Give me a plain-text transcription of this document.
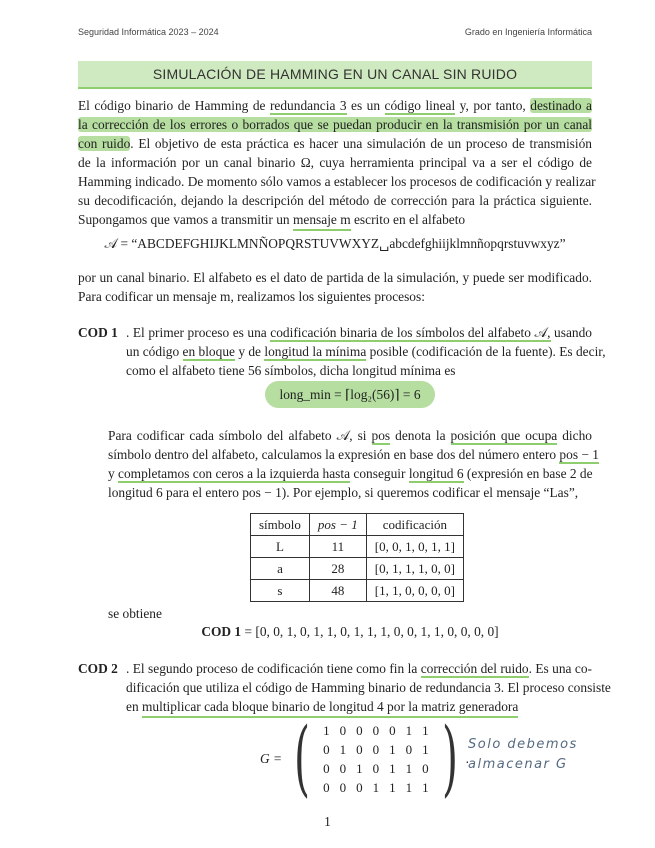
Seguridad Informática 2023 – 2024	Grado en Ingeniería Informática
SIMULACIÓN DE HAMMING EN UN CANAL SIN RUIDO
El código binario de Hamming de redundancia 3 es un código lineal y, por tanto, destinado a
la corrección de los errores o borrados que se puedan producir en la transmisión por un canal
con ruido. El objetivo de esta práctica es hacer una simulación de un proceso de transmisión
de la información por un canal binario Ω, cuya herramienta principal va a ser el código de
Hamming indicado. De momento sólo vamos a establecer los procesos de codificación y realizar
su decodificación, dejando la descripción del método de corrección para la práctica siguiente.
Supongamos que vamos a transmitir un mensaje m escrito en el alfabeto
𝒜 = “ABCDEFGHIJKLMNÑOPQRSTUVWXYZ␣abcdefghiĳklmnñopqrstuvwxyz”
por un canal binario. El alfabeto es el dato de partida de la simulación, y puede ser modificado.
Para codificar un mensaje m, realizamos los siguientes procesos:
COD 1 . El primer proceso es una codificación binaria de los símbolos del alfabeto 𝒜, usando
un código en bloque y de longitud la mínima posible (codificación de la fuente). Es decir,
como el alfabeto tiene 56 símbolos, dicha longitud mínima es
long_min = ⌈log₂(56)⌉ = 6
Para codificar cada símbolo del alfabeto 𝒜, si pos denota la posición que ocupa dicho
símbolo dentro del alfabeto, calculamos la expresión en base dos del número entero pos − 1
y completamos con ceros a la izquierda hasta conseguir longitud 6 (expresión en base 2 de
longitud 6 para el entero pos − 1). Por ejemplo, si queremos codificar el mensaje “Las”,
símbolo	pos − 1	codificación
L	11	[0, 0, 1, 0, 1, 1]
a	28	[0, 1, 1, 1, 0, 0]
s	48	[1, 1, 0, 0, 0, 0]
se obtiene
COD 1 = [0, 0, 1, 0, 1, 1, 0, 1, 1, 1, 0, 0, 1, 1, 0, 0, 0, 0]
COD 2 . El segundo proceso de codificación tiene como fin la corrección del ruido. Es una co-
dificación que utiliza el código de Hamming binario de redundancia 3. El proceso consiste
en multiplicar cada bloque binario de longitud 4 por la matriz generadora
G = ( 1	0	0	0	0	1	1
0	1	0	0	1	0	1
0	0	1	0	1	1	0
0	0	0	1	1	1	1 ) .
Solo debemos
almacenar G
1
